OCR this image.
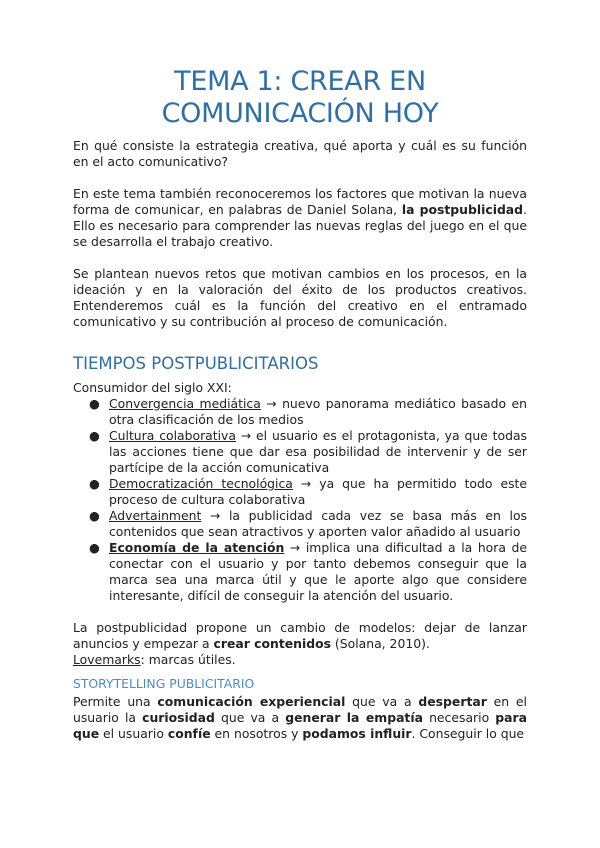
TEMA 1: CREAR EN
COMUNICACIÓN HOY

En qué consiste la estrategia creativa, qué aporta y cuál es su función en el acto comunicativo?

En este tema también reconoceremos los factores que motivan la nueva forma de comunicar, en palabras de Daniel Solana, la postpublicidad. Ello es necesario para comprender las nuevas reglas del juego en el que se desarrolla el trabajo creativo.

Se plantean nuevos retos que motivan cambios en los procesos, en la ideación y en la valoración del éxito de los productos creativos. Entenderemos cuál es la función del creativo en el entramado comunicativo y su contribución al proceso de comunicación.

TIEMPOS POSTPUBLICITARIOS

Consumidor del siglo XXI:

● Convergencia mediática → nuevo panorama mediático basado en otra clasificación de los medios
● Cultura colaborativa → el usuario es el protagonista, ya que todas las acciones tiene que dar esa posibilidad de intervenir y de ser partícipe de la acción comunicativa
● Democratización tecnológica → ya que ha permitido todo este proceso de cultura colaborativa
● Advertainment → la publicidad cada vez se basa más en los contenidos que sean atractivos y aporten valor añadido al usuario
● Economía de la atención → implica una dificultad a la hora de conectar con el usuario y por tanto debemos conseguir que la marca sea una marca útil y que le aporte algo que considere interesante, difícil de conseguir la atención del usuario.

La postpublicidad propone un cambio de modelos: dejar de lanzar anuncios y empezar a crear contenidos (Solana, 2010).

Lovemarks: marcas útiles.

STORYTELLING PUBLICITARIO

Permite una comunicación experiencial que va a despertar en el usuario la curiosidad que va a generar la empatía necesario para que el usuario confíe en nosotros y podamos influir. Conseguir lo que
